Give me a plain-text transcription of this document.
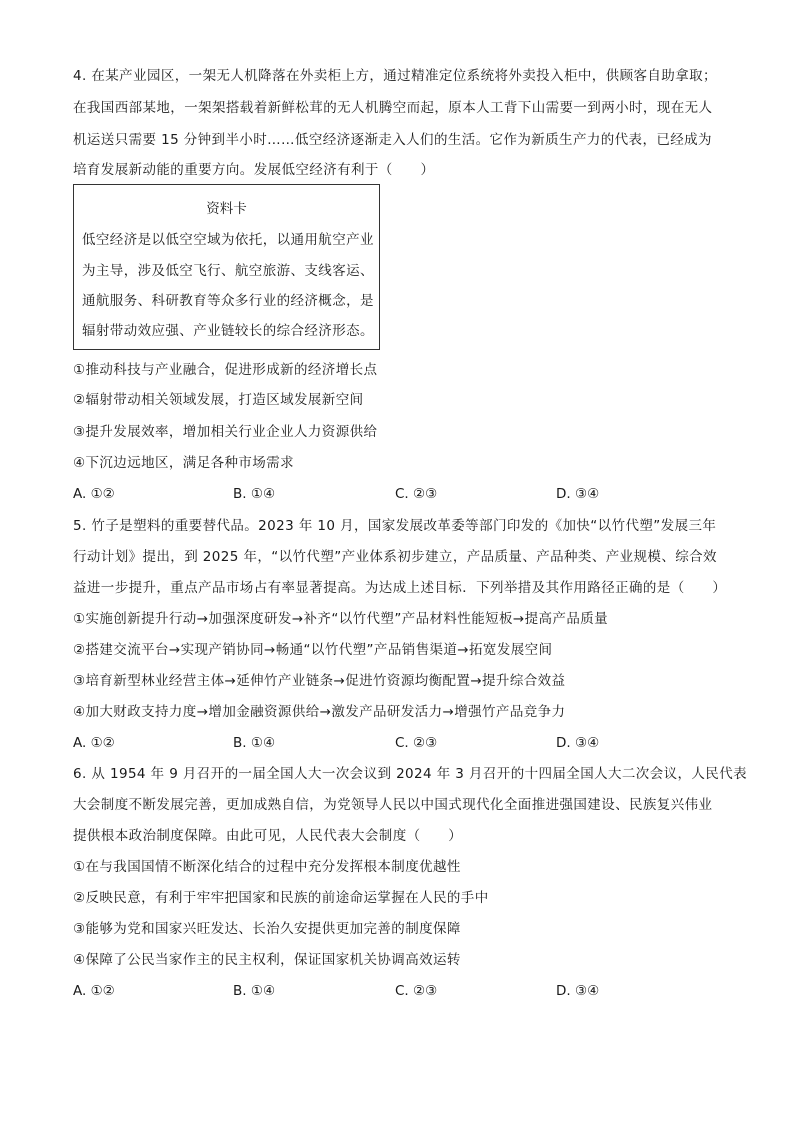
4. 在某产业园区，一架无人机降落在外卖柜上方，通过精准定位系统将外卖投入柜中，供顾客自助拿取；
在我国西部某地，一架架搭载着新鲜松茸的无人机腾空而起，原本人工背下山需要一到两小时，现在无人
机运送只需要 15 分钟到半小时……低空经济逐渐走入人们的生活。它作为新质生产力的代表，已经成为
培育发展新动能的重要方向。发展低空经济有利于（　　）
资料卡
低空经济是以低空空域为依托，以通用航空产业
为主导，涉及低空飞行、航空旅游、支线客运、
通航服务、科研教育等众多行业的经济概念，是
辐射带动效应强、产业链较长的综合经济形态。
①推动科技与产业融合，促进形成新的经济增长点
②辐射带动相关领域发展，打造区域发展新空间
③提升发展效率，增加相关行业企业人力资源供给
④下沉边远地区，满足各种市场需求
A. ①②	B. ①④	C. ②③	D. ③④
5. 竹子是塑料的重要替代品。2023 年 10 月，国家发展改革委等部门印发的《加快“以竹代塑”发展三年
行动计划》提出，到 2025 年，“以竹代塑”产业体系初步建立，产品质量、产品种类、产业规模、综合效
益进一步提升，重点产品市场占有率显著提高。为达成上述目标．下列举措及其作用路径正确的是（　　）
①实施创新提升行动→加强深度研发→补齐“以竹代塑”产品材料性能短板→提高产品质量
②搭建交流平台→实现产销协同→畅通“以竹代塑”产品销售渠道→拓宽发展空间
③培育新型林业经营主体→延伸竹产业链条→促进竹资源均衡配置→提升综合效益
④加大财政支持力度→增加金融资源供给→激发产品研发活力→增强竹产品竞争力
A. ①②	B. ①④	C. ②③	D. ③④
6. 从 1954 年 9 月召开的一届全国人大一次会议到 2024 年 3 月召开的十四届全国人大二次会议，人民代表
大会制度不断发展完善，更加成熟自信，为党领导人民以中国式现代化全面推进强国建设、民族复兴伟业
提供根本政治制度保障。由此可见，人民代表大会制度（　　）
①在与我国国情不断深化结合的过程中充分发挥根本制度优越性
②反映民意，有利于牢牢把国家和民族的前途命运掌握在人民的手中
③能够为党和国家兴旺发达、长治久安提供更加完善的制度保障
④保障了公民当家作主的民主权利，保证国家机关协调高效运转
A. ①②	B. ①④	C. ②③	D. ③④
